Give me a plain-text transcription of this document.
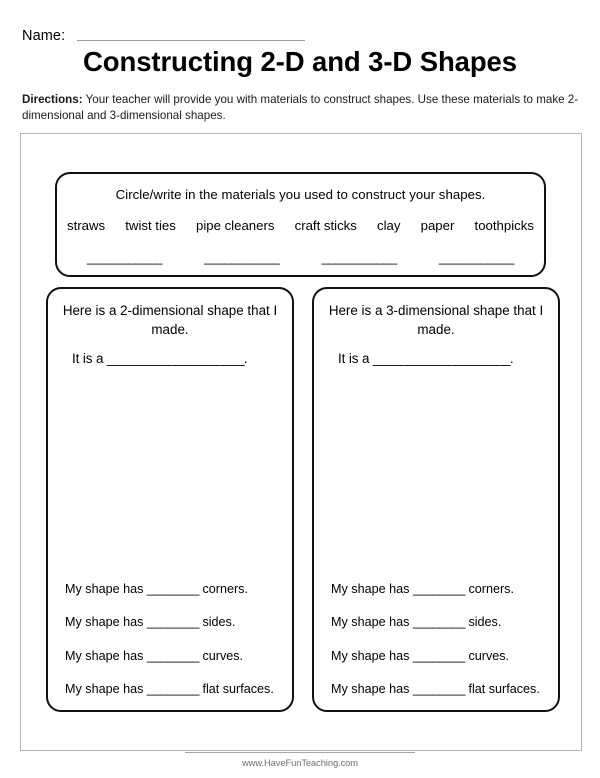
Name:
Constructing 2-D and 3-D Shapes
Directions: Your teacher will provide you with materials to construct shapes. Use these materials to make 2-dimensional and 3-dimensional shapes.
Circle/write in the materials you used to construct your shapes.
straws twist ties pipe cleaners craft sticks clay paper toothpicks
___________	___________	___________	___________
Here is a 2-dimensional shape that I made.
It is a ____________________.
My shape has ________ corners.
My shape has ________ sides.
My shape has ________ curves.
My shape has ________ flat surfaces.
Here is a 3-dimensional shape that I made.
It is a ____________________.
My shape has ________ corners.
My shape has ________ sides.
My shape has ________ curves.
My shape has ________ flat surfaces.
www.HaveFunTeaching.com
